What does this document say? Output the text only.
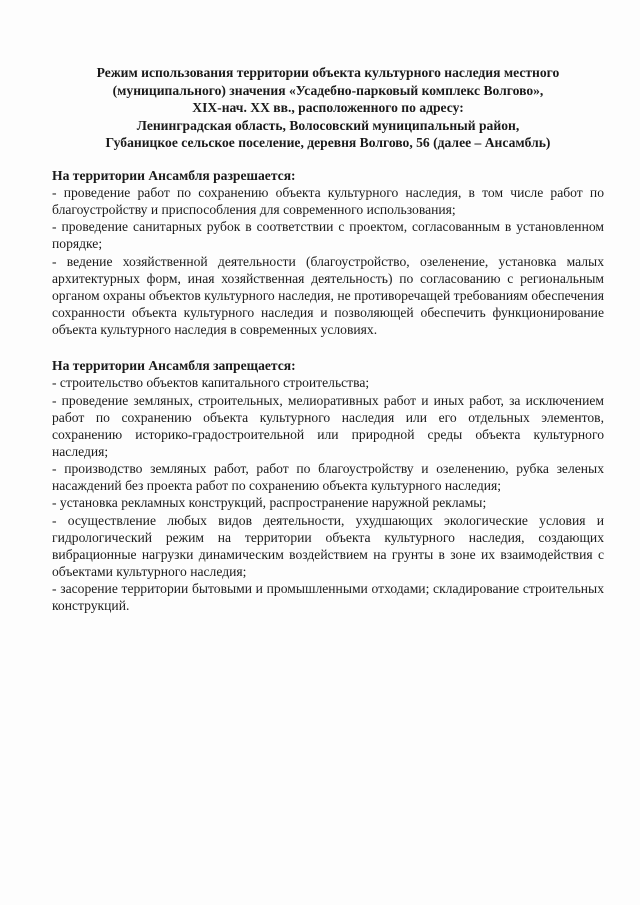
Режим использования территории объекта культурного наследия местного
(муниципального) значения «Усадебно-парковый комплекс Волгово»,
XIX-нач. XX вв., расположенного по адресу:
Ленинградская область, Волосовский муниципальный район,
Губаницкое сельское поселение, деревня Волгово, 56 (далее – Ансамбль)

На территории Ансамбля разрешается:

- проведение работ по сохранению объекта культурного наследия, в том числе работ по благоустройству и приспособления для современного использования;

- проведение санитарных рубок в соответствии с проектом, согласованным в установленном порядке;

- ведение хозяйственной деятельности (благоустройство, озеленение, установка малых архитектурных форм, иная хозяйственная деятельность) по согласованию с региональным органом охраны объектов культурного наследия, не противоречащей требованиям обеспечения сохранности объекта культурного наследия и позволяющей обеспечить функционирование объекта культурного наследия в современных условиях.

На территории Ансамбля запрещается:

- строительство объектов капитального строительства;

- проведение земляных, строительных, мелиоративных работ и иных работ, за исключением работ по сохранению объекта культурного наследия или его отдельных элементов, сохранению историко-градостроительной или природной среды объекта культурного наследия;

- производство земляных работ, работ по благоустройству и озеленению, рубка зеленых насаждений без проекта работ по сохранению объекта культурного наследия;

- установка рекламных конструкций, распространение наружной рекламы;

- осуществление любых видов деятельности, ухудшающих экологические условия и гидрологический режим на территории объекта культурного наследия, создающих вибрационные нагрузки динамическим воздействием на грунты в зоне их взаимодействия с объектами культурного наследия;

- засорение территории бытовыми и промышленными отходами; складирование строительных конструкций.
